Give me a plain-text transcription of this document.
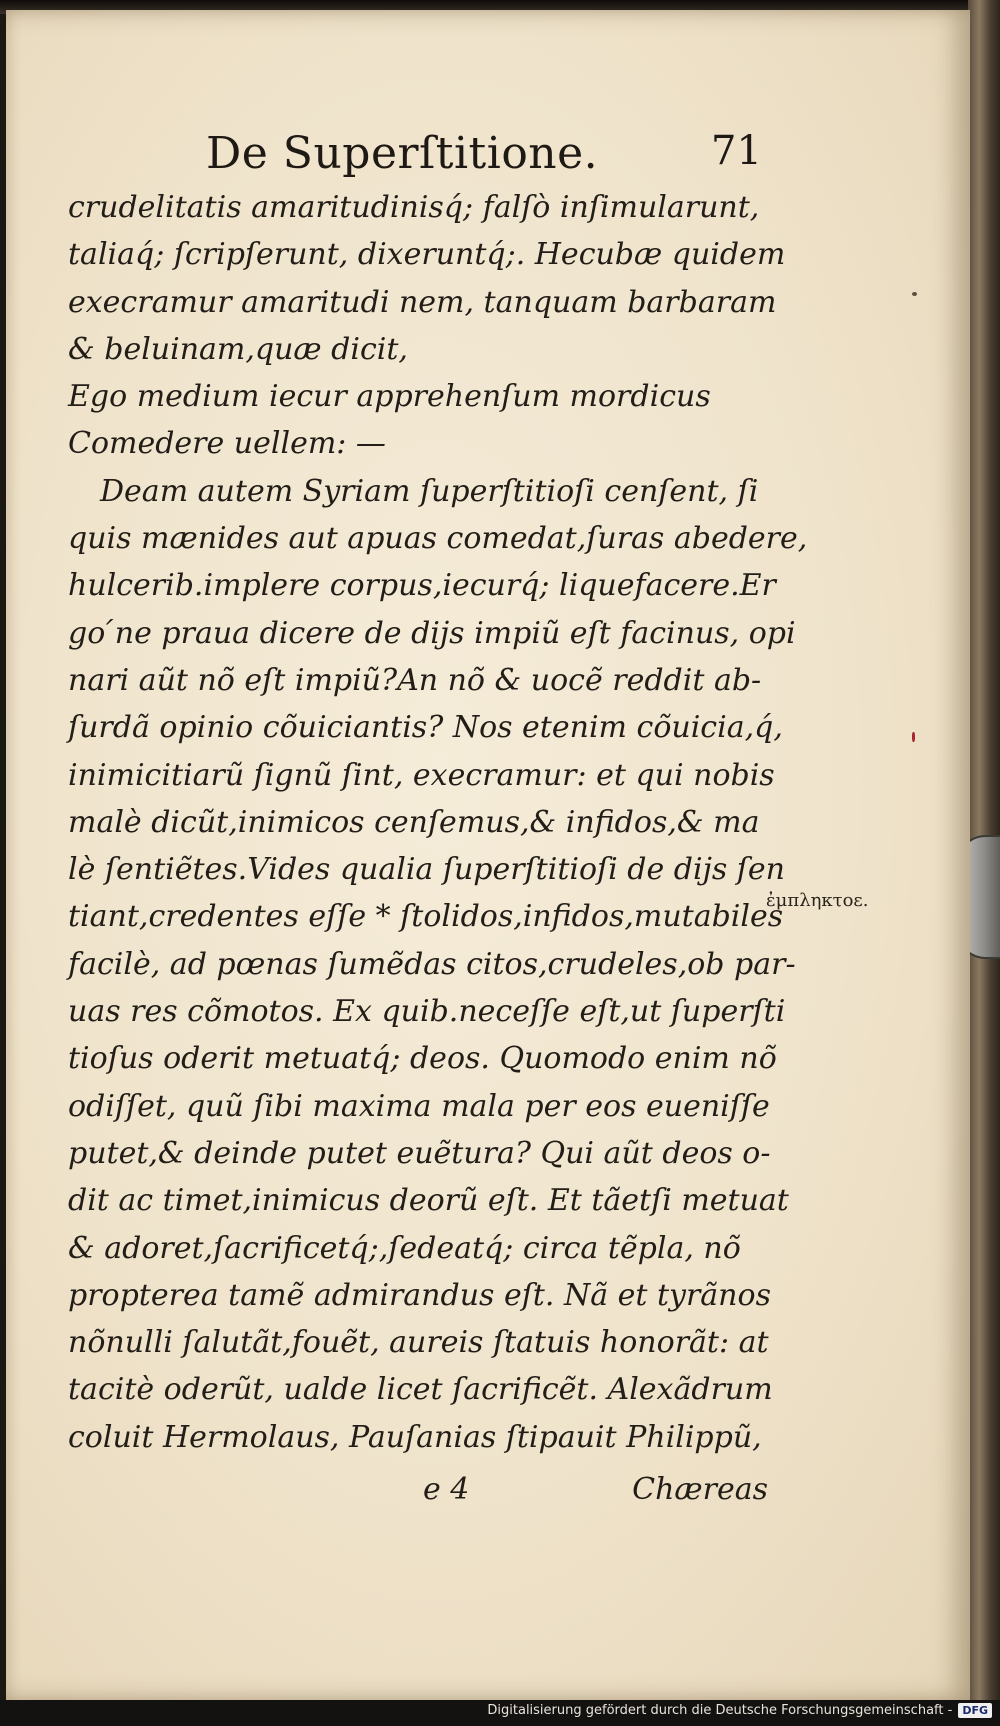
De Superſtitione.	71
crudelitatis amaritudinisq́; falſò inſimularunt,
taliaq́; ſcripſerunt, dixeruntq́;. Hecubæ quidem
execramur amaritudi nem, tanquam barbaram
& beluinam,quæ dicit,
Ego medium iecur apprehenſum mordicus
Comedere uellem: —
Deam autem Syriam ſuperſtitioſi cenſent, ſi
quis mænides aut apuas comedat,ſuras abedere,
hulcerib.implere corpus,iecurq́; liquefacere.Er
go ́ne praua dicere de dijs impiũ eſt facinus, opi
nari aũt nõ eſt impiũ?An nõ & uocẽ reddit ab-
ſurdã opinio cõuiciantis? Nos etenim cõuicia,q́,
inimicitiarũ ſignũ ſint, execramur: et qui nobis
malè dicũt,inimicos cenſemus,& infidos,& ma
lè ſentiẽtes.Vides qualia ſuperſtitioſi de dijs ſen
tiant,credentes eſſe * ſtolidos,infidos,mutabiles
facilè, ad pœnas ſumẽdas citos,crudeles,ob par-
uas res cõmotos. Ex quib.neceſſe eſt,ut ſuperſti
tioſus oderit metuatq́; deos. Quomodo enim nõ
odiſſet, quũ ſibi maxima mala per eos eueniſſe
putet,& deinde putet euẽtura? Qui aũt deos o-
dit ac timet,inimicus deorũ eſt. Et tãetſi metuat
& adoret,ſacrificetq́;,ſedeatq́; circa tẽpla, nõ
propterea tamẽ admirandus eſt. Nã et tyrãnos
nõnulli ſalutãt,fouẽt, aureis ſtatuis honorãt: at
tacitè oderũt, ualde licet ſacrificẽt. Alexãdrum
coluit Hermolaus, Pauſanias ſtipauit Philippũ,
e 4	Chæreas
ἐμπληκτοε.
Digitalisierung gefördert durch die Deutsche Forschungsgemeinschaft - DFG
